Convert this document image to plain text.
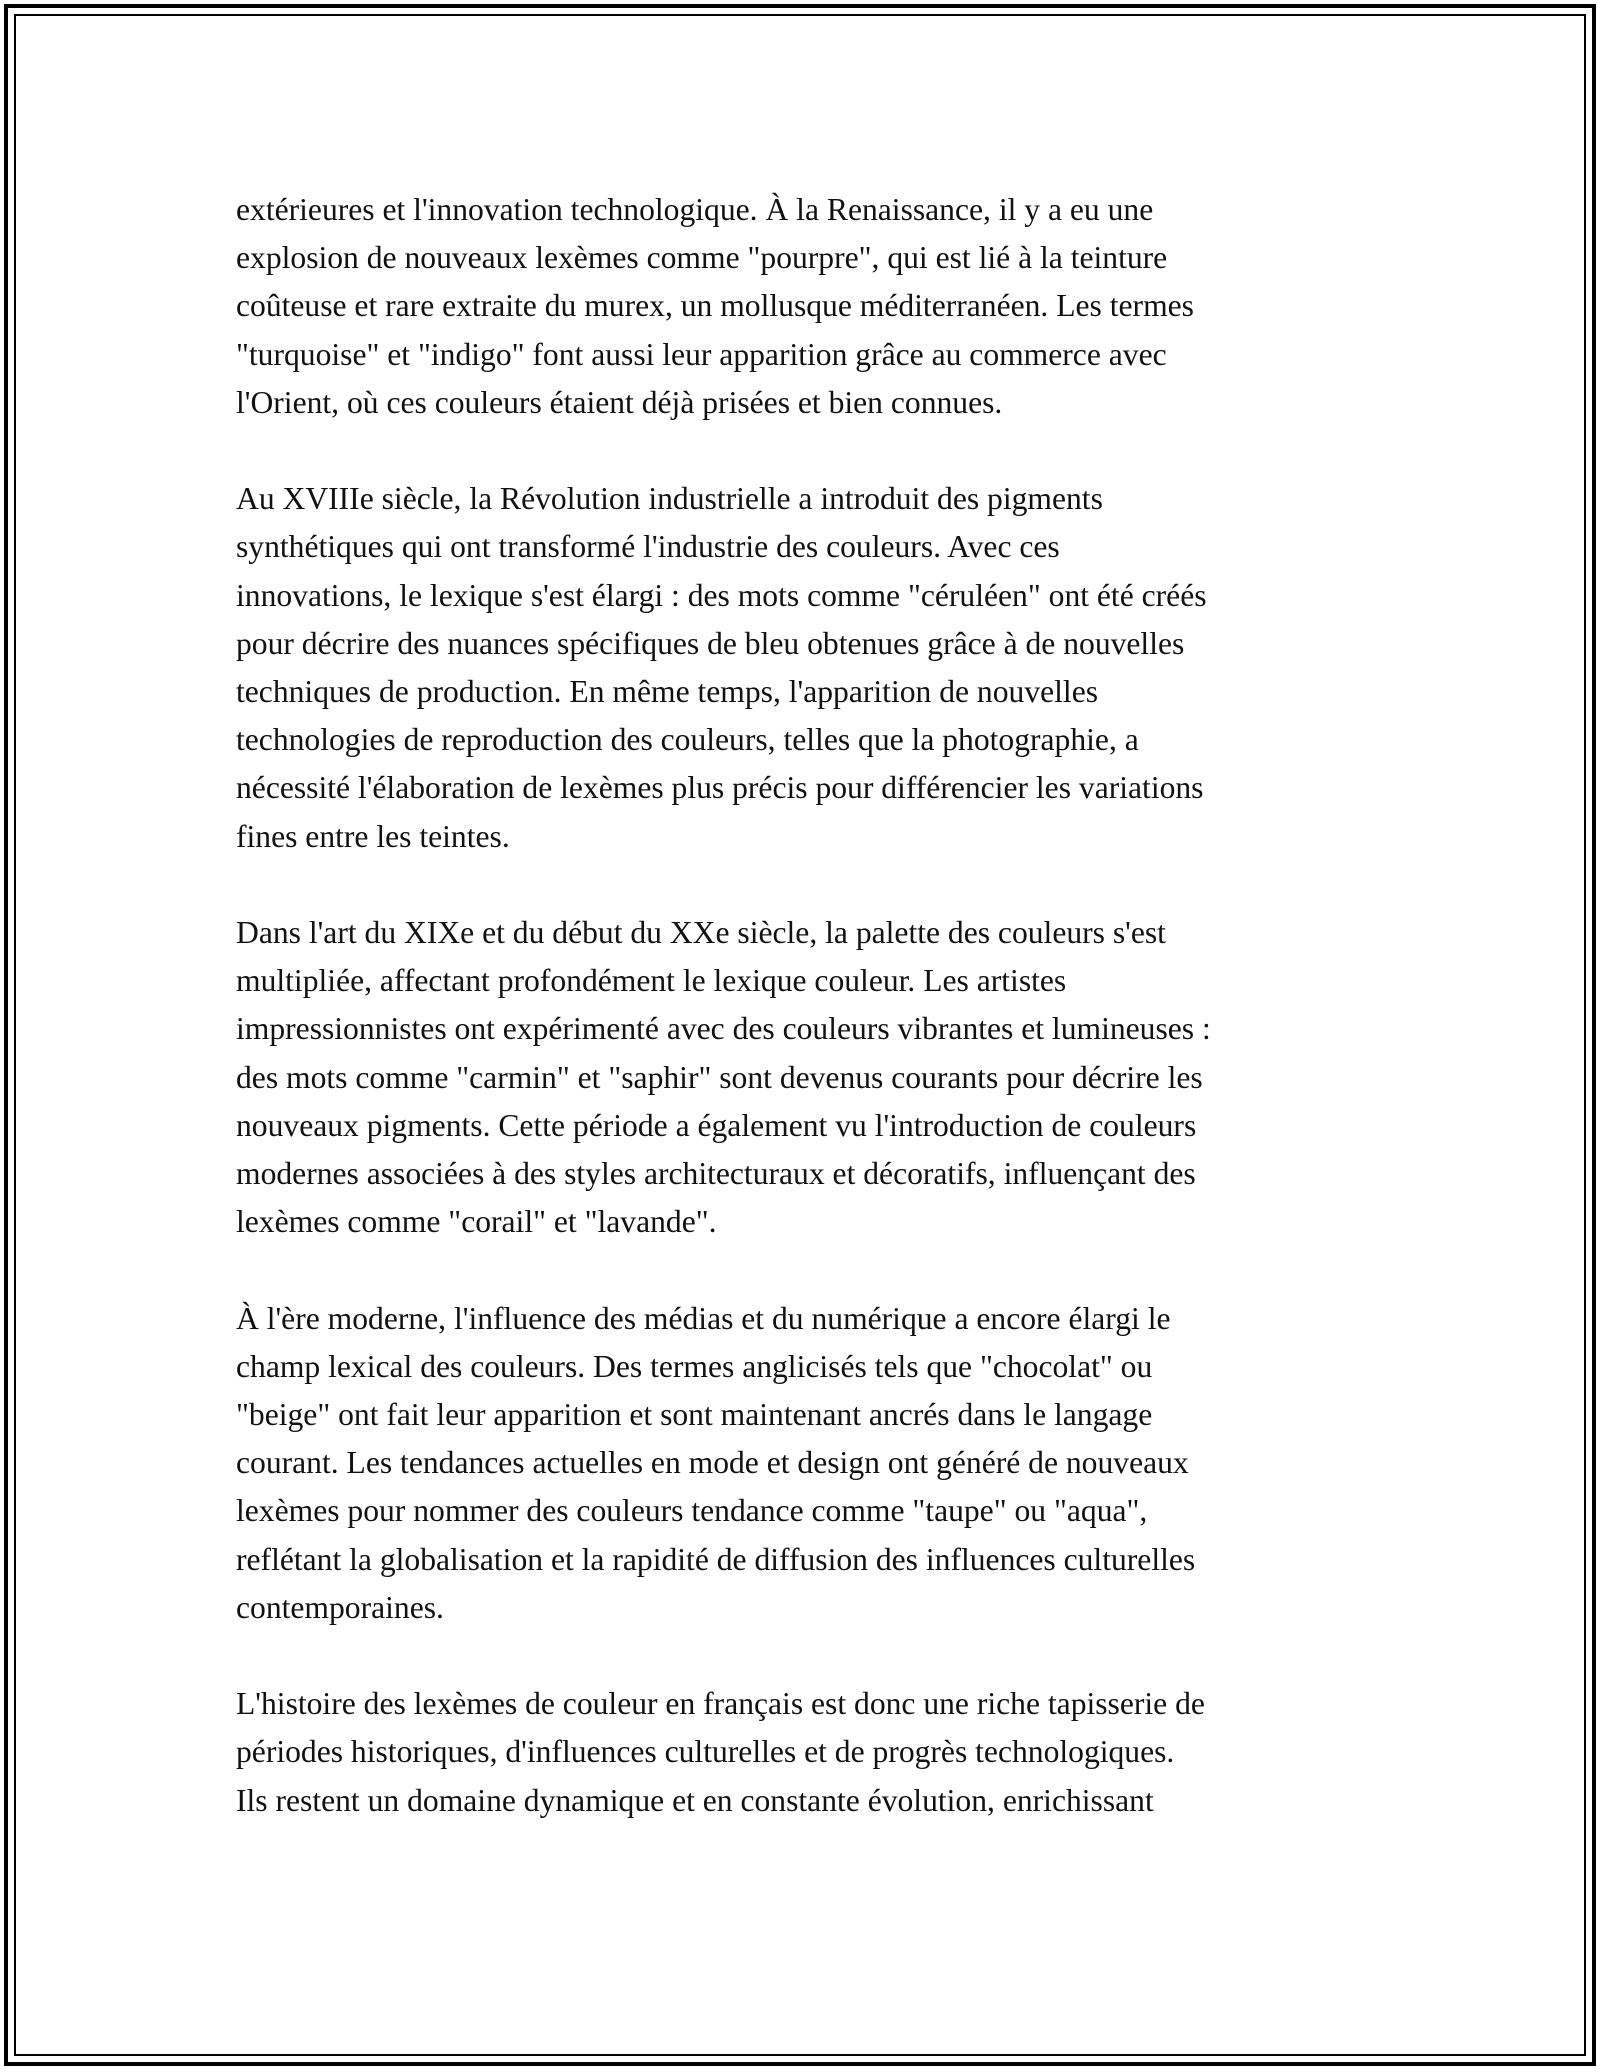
extérieures et l'innovation technologique. À la Renaissance, il y a eu une
explosion de nouveaux lexèmes comme "pourpre", qui est lié à la teinture
coûteuse et rare extraite du murex, un mollusque méditerranéen. Les termes
"turquoise" et "indigo" font aussi leur apparition grâce au commerce avec
l'Orient, où ces couleurs étaient déjà prisées et bien connues.

Au XVIIIe siècle, la Révolution industrielle a introduit des pigments
synthétiques qui ont transformé l'industrie des couleurs. Avec ces
innovations, le lexique s'est élargi : des mots comme "céruléen" ont été créés
pour décrire des nuances spécifiques de bleu obtenues grâce à de nouvelles
techniques de production. En même temps, l'apparition de nouvelles
technologies de reproduction des couleurs, telles que la photographie, a
nécessité l'élaboration de lexèmes plus précis pour différencier les variations
fines entre les teintes.

Dans l'art du XIXe et du début du XXe siècle, la palette des couleurs s'est
multipliée, affectant profondément le lexique couleur. Les artistes
impressionnistes ont expérimenté avec des couleurs vibrantes et lumineuses :
des mots comme "carmin" et "saphir" sont devenus courants pour décrire les
nouveaux pigments. Cette période a également vu l'introduction de couleurs
modernes associées à des styles architecturaux et décoratifs, influençant des
lexèmes comme "corail" et "lavande".

À l'ère moderne, l'influence des médias et du numérique a encore élargi le
champ lexical des couleurs. Des termes anglicisés tels que "chocolat" ou
"beige" ont fait leur apparition et sont maintenant ancrés dans le langage
courant. Les tendances actuelles en mode et design ont généré de nouveaux
lexèmes pour nommer des couleurs tendance comme "taupe" ou "aqua",
reflétant la globalisation et la rapidité de diffusion des influences culturelles
contemporaines.

L'histoire des lexèmes de couleur en français est donc une riche tapisserie de
périodes historiques, d'influences culturelles et de progrès technologiques.
Ils restent un domaine dynamique et en constante évolution, enrichissant
